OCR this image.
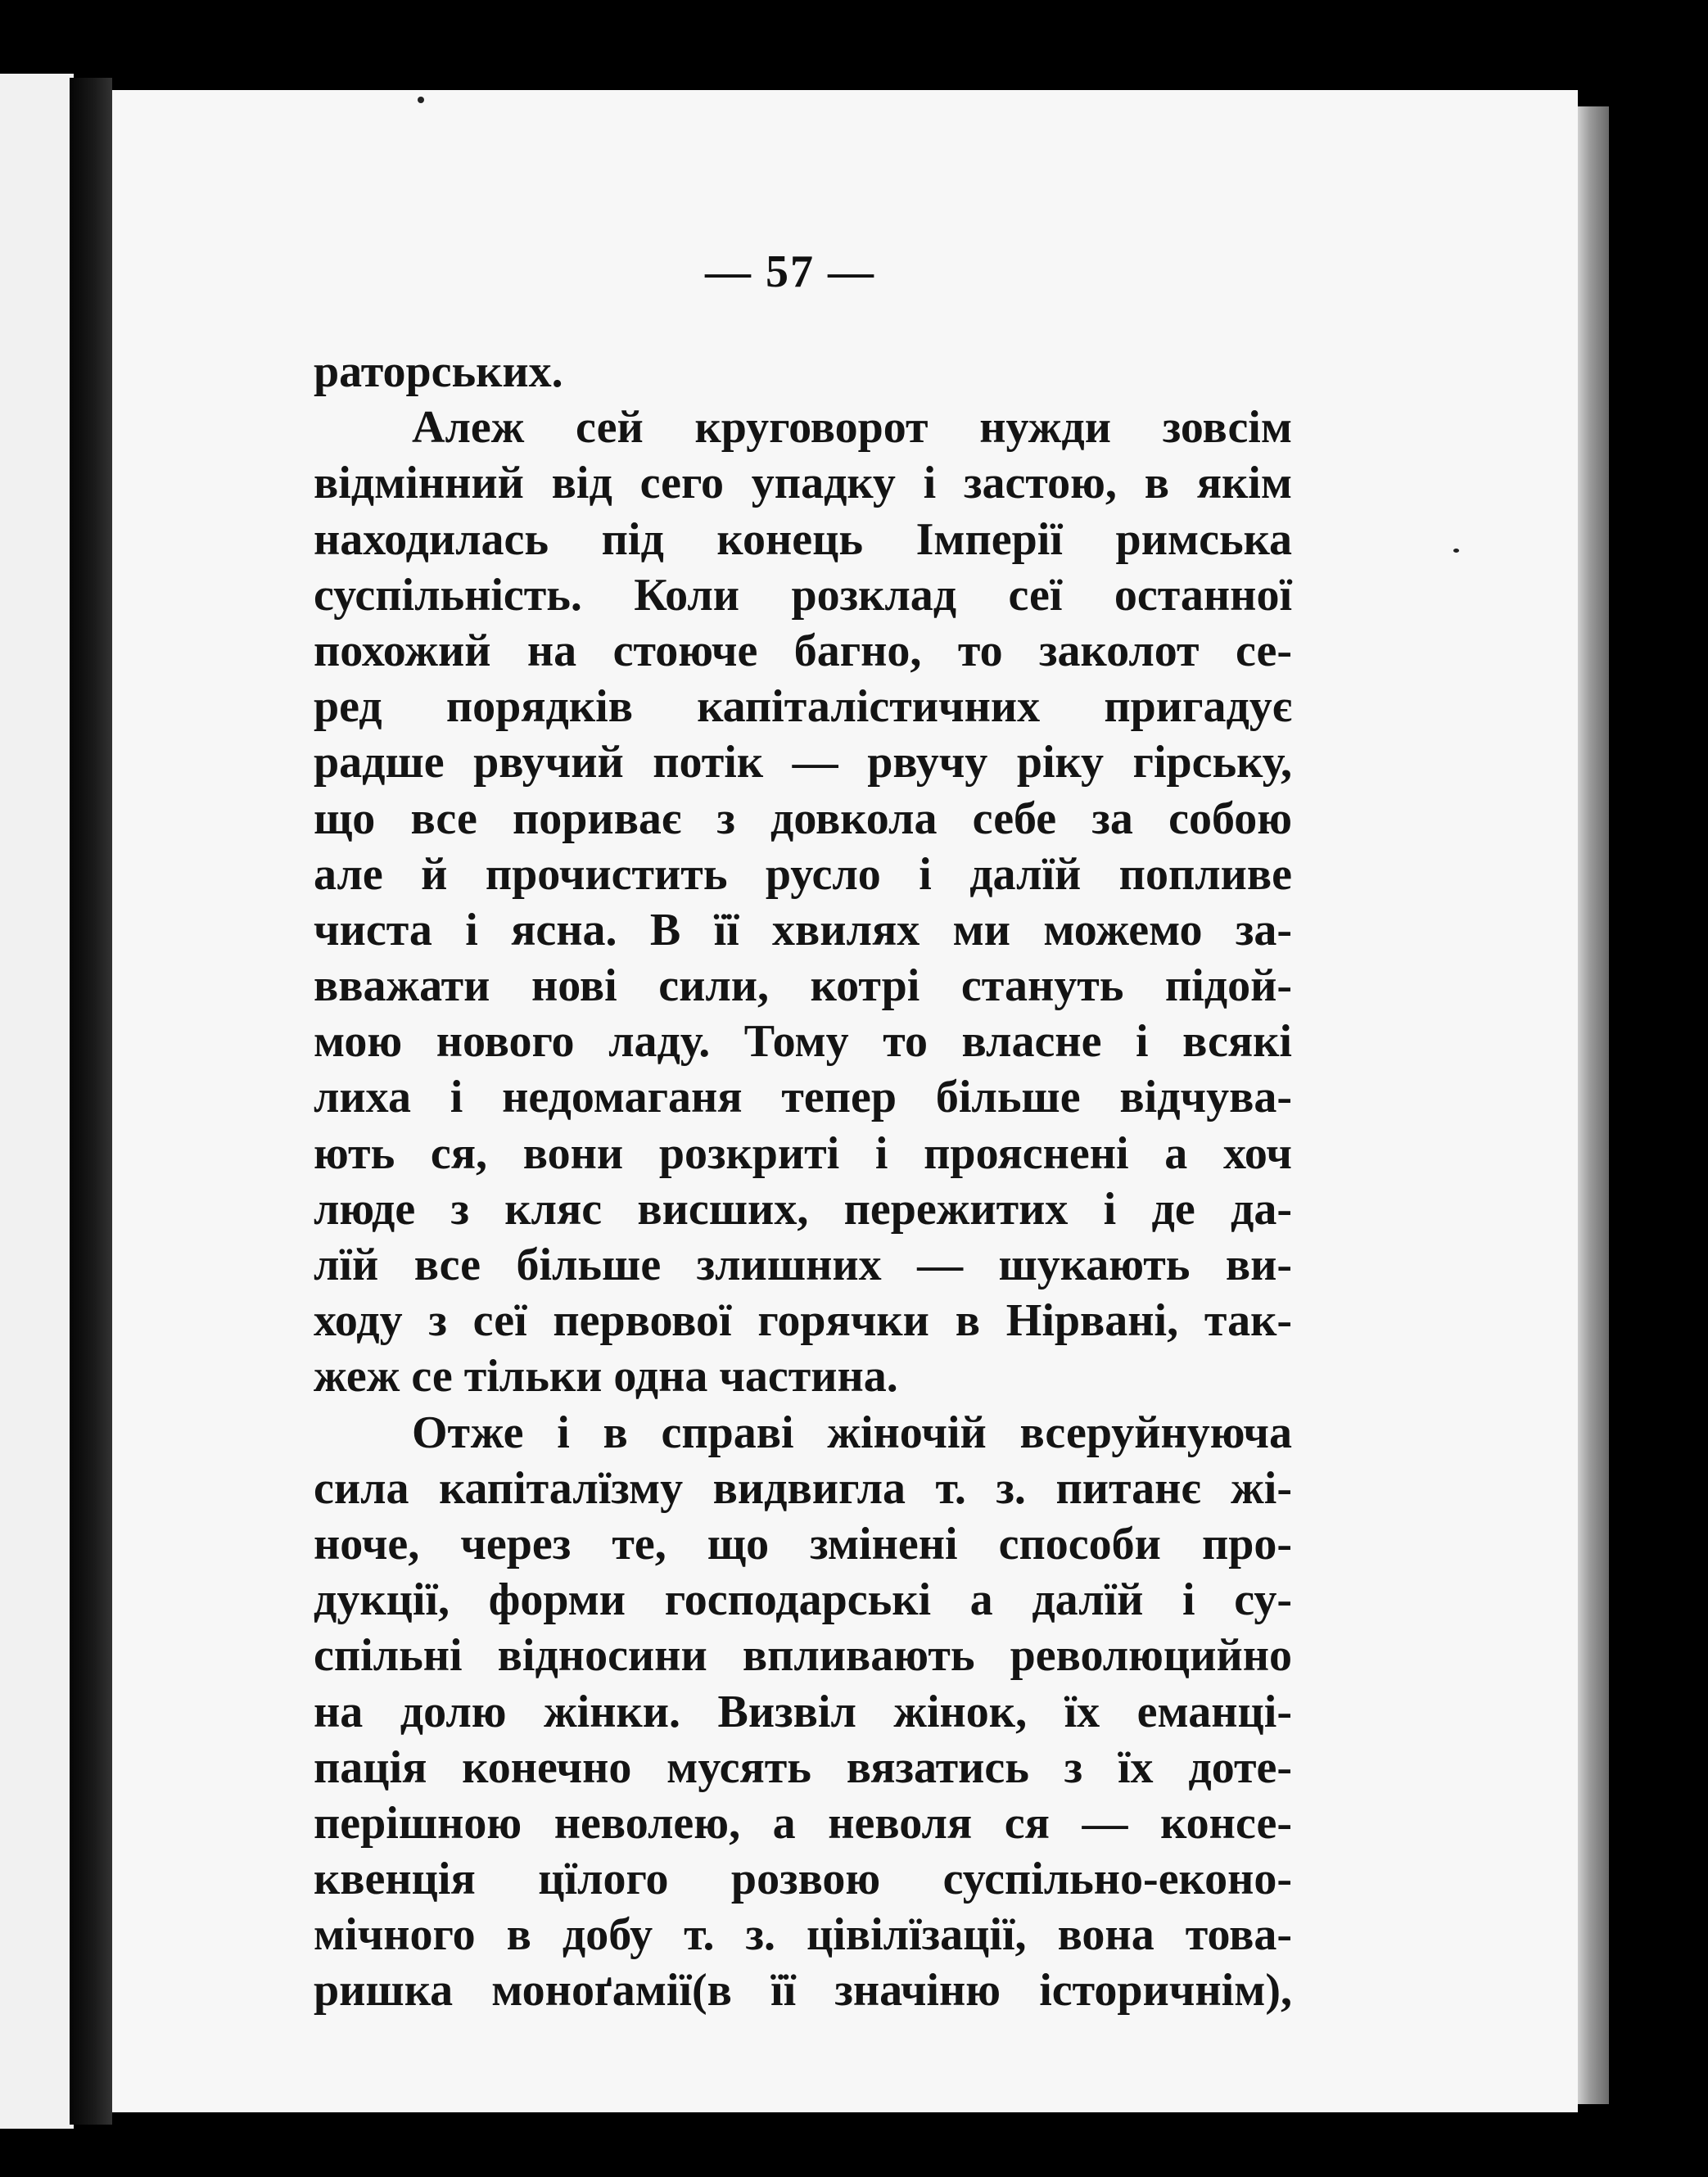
— 57 —
раторських.
Алеж сей круговорот нужди зовсім
відмінний від сего упадку і застою, в якім
находилась під конець Імперії римська
суспільність. Коли розклад сеї останної
похожий на стоюче багно, то заколот се-
ред порядків капіталістичних пригадує
радше рвучий потік — рвучу ріку гірську,
що все пориває з довкола себе за собою
але й прочистить русло і далїй попливе
чиста і ясна. В її хвилях ми можемо за-
вважати нові сили, котрі стануть підой-
мою нового ладу. Тому то власне і всякі
лиха і недомаганя тепер більше відчува-
ють ся, вони розкриті і прояснені а хоч
люде з кляс висших, пережитих і де да-
лїй все більше злишних — шукають ви-
ходу з сеї первової горячки в Нірвані, так-
жеж се тільки одна частина.
Отже і в справі жіночій всеруйнуюча
сила капіталїзму видвигла т. з. питанє жі-
ноче, через те, що змінені способи про-
дукції, форми господарські а далїй і су-
спільні відносини впливають революцийно
на долю жінки. Визвіл жінок, їх еманці-
пація конечно мусять вязатись з їх доте-
перішною неволею, а неволя ся — консе-
квенція цїлого розвою суспільно-еконо-
мічного в добу т. з. цівілїзації, вона това-
ришка моноґамії(в її значіню історичнім),
